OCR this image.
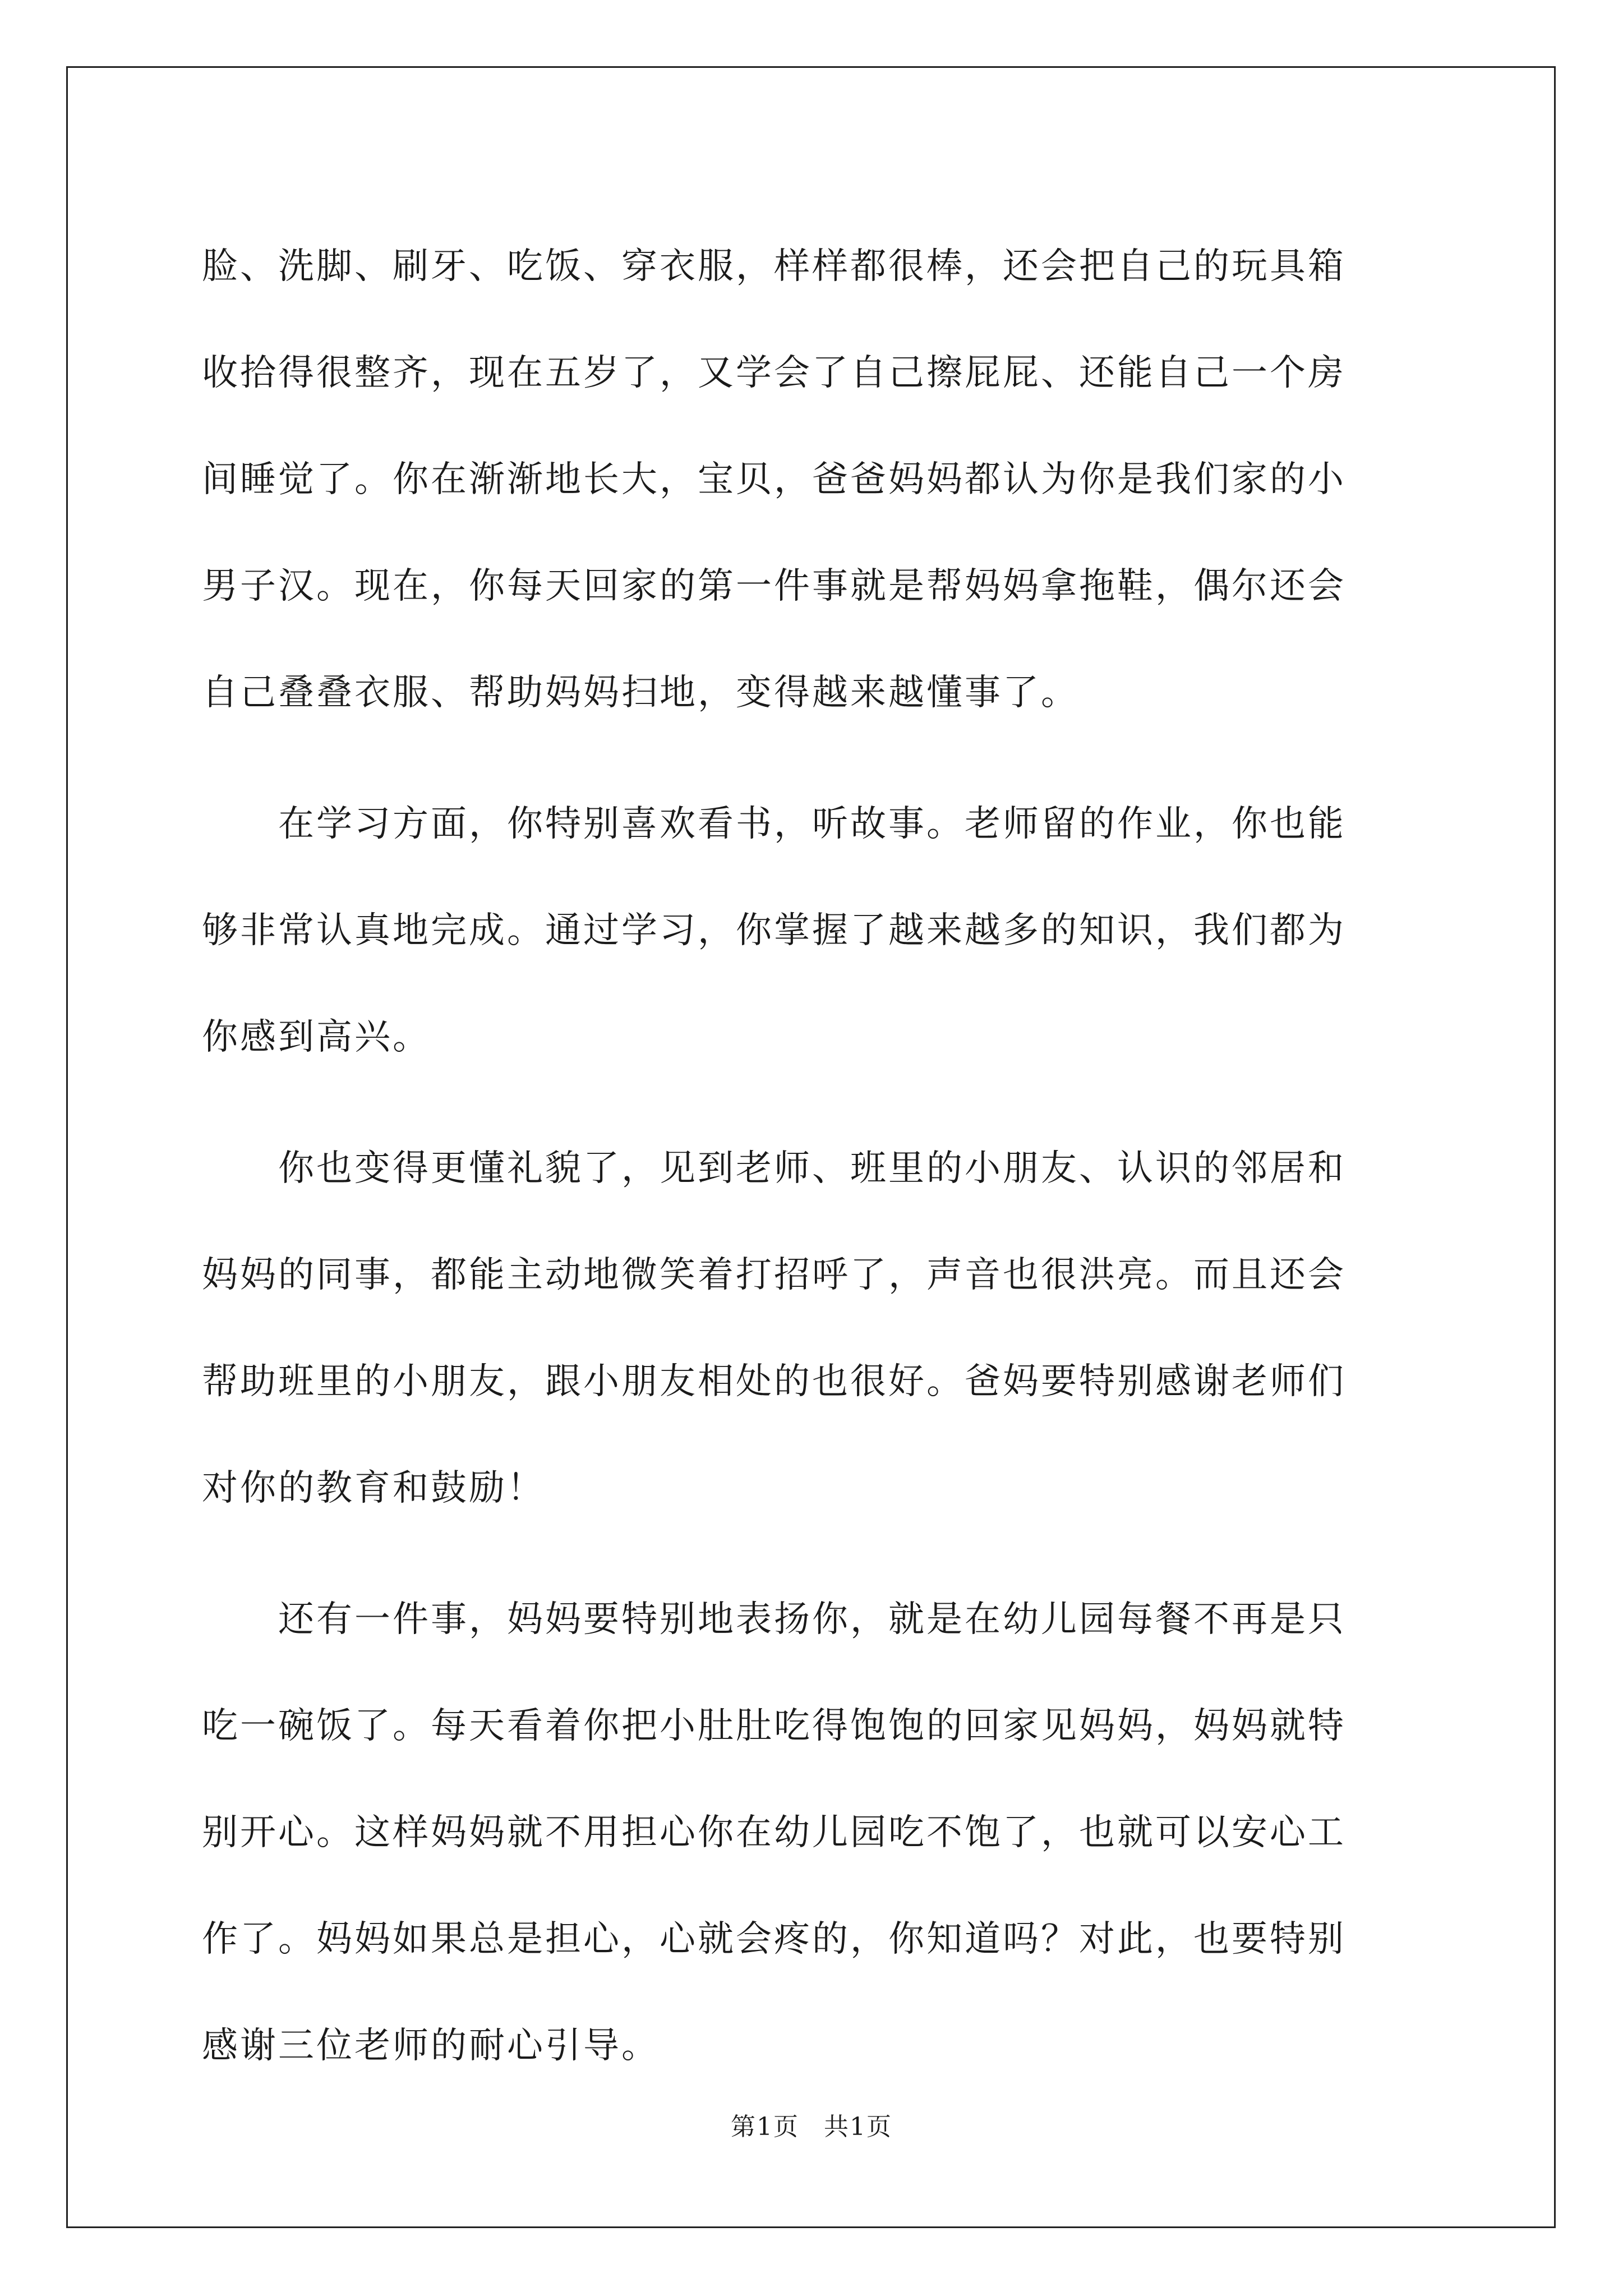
脸、洗脚、刷牙、吃饭、穿衣服，样样都很棒，还会把自己的玩具箱
收拾得很整齐，现在五岁了，又学会了自己擦屁屁、还能自己一个房
间睡觉了。你在渐渐地长大，宝贝，爸爸妈妈都认为你是我们家的小
男子汉。现在，你每天回家的第一件事就是帮妈妈拿拖鞋，偶尔还会
自己叠叠衣服、帮助妈妈扫地，变得越来越懂事了。

在学习方面，你特别喜欢看书，听故事。老师留的作业，你也能
够非常认真地完成。通过学习，你掌握了越来越多的知识，我们都为
你感到高兴。

你也变得更懂礼貌了，见到老师、班里的小朋友、认识的邻居和
妈妈的同事，都能主动地微笑着打招呼了，声音也很洪亮。而且还会
帮助班里的小朋友，跟小朋友相处的也很好。爸妈要特别感谢老师们
对你的教育和鼓励！

还有一件事，妈妈要特别地表扬你，就是在幼儿园每餐不再是只
吃一碗饭了。每天看着你把小肚肚吃得饱饱的回家见妈妈，妈妈就特
别开心。这样妈妈就不用担心你在幼儿园吃不饱了，也就可以安心工
作了。妈妈如果总是担心，心就会疼的，你知道吗？对此，也要特别
感谢三位老师的耐心引导。

第1页 共1页
